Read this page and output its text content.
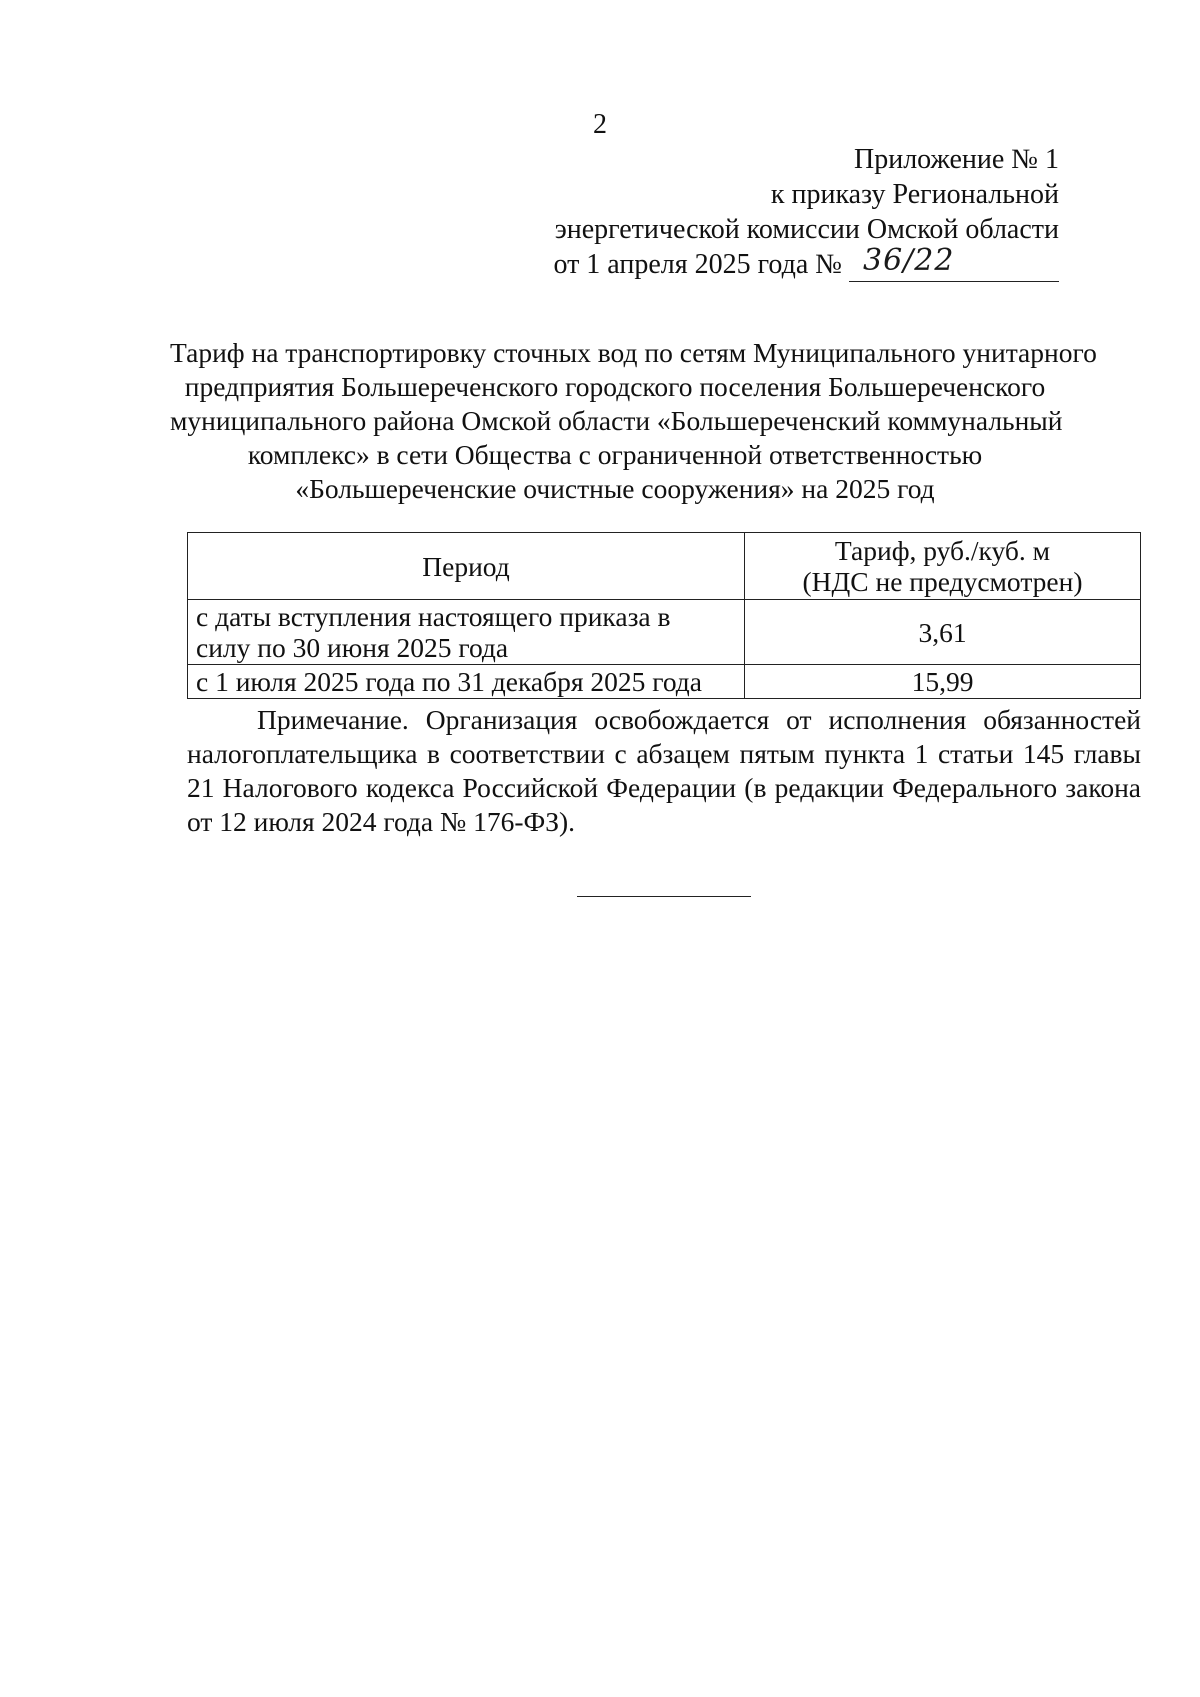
2
Приложение № 1
к приказу Региональной
энергетической комиссии Омской области
от 1 апреля 2025 года № 36/22
Тариф на транспортировку сточных вод по сетям Муниципального унитарного
предприятия Большереченского городского поселения Большереченского
муниципального района Омской области «Большереченский коммунальный
комплекс» в сети Общества с ограниченной ответственностью
«Большереченские очистные сооружения» на 2025 год
Период	Тариф, руб./куб. м
(НДС не предусмотрен)

с даты вступления настоящего приказа в
силу по 30 июня 2025 года	3,61
с 1 июля 2025 года по 31 декабря 2025 года	15,99
Примечание. Организация освобождается от исполнения обязанностей налогоплательщика в соответствии с абзацем пятым пункта 1 статьи 145 главы 21 Налогового кодекса Российской Федерации (в редакции Федерального закона от 12 июля 2024 года № 176-ФЗ).
